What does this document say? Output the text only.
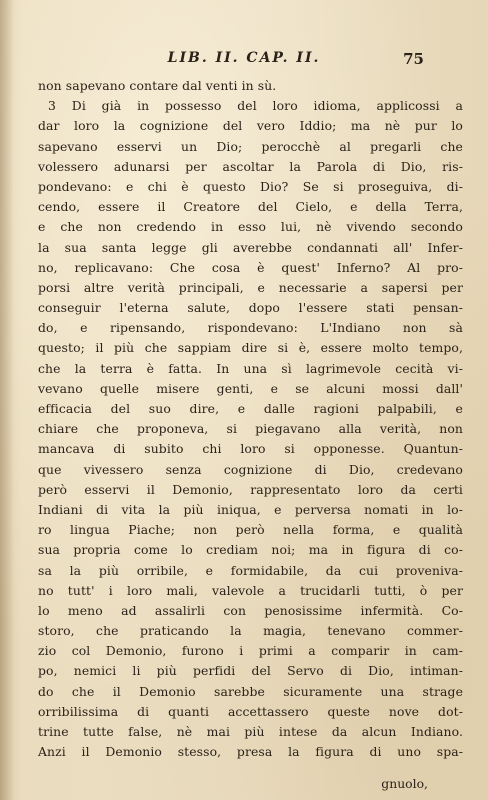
LIB. II. CAP. II.	75
non sapevano contare dal venti in sù.
3 Di già in possesso del loro idioma, applicossi a
dar loro la cognizione del vero Iddio; ma nè pur lo
sapevano esservi un Dio; perocchè al pregarli che
volessero adunarsi per ascoltar la Parola di Dio, ris-
pondevano: e chi è questo Dio? Se si proseguiva, di-
cendo, essere il Creatore del Cielo, e della Terra,
e che non credendo in esso lui, nè vivendo secondo
la sua santa legge gli averebbe condannati all' Infer-
no, replicavano: Che cosa è quest' Inferno? Al pro-
porsi altre verità principali, e necessarie a sapersi per
conseguir l'eterna salute, dopo l'essere stati pensan-
do, e ripensando, rispondevano: L'Indiano non sà
questo; il più che sappiam dire si è, essere molto tempo,
che la terra è fatta. In una sì lagrimevole cecità vi-
vevano quelle misere genti, e se alcuni mossi dall'
efficacia del suo dire, e dalle ragioni palpabili, e
chiare che proponeva, si piegavano alla verità, non
mancava di subito chi loro si opponesse. Quantun-
que vivessero senza cognizione di Dio, credevano
però esservi il Demonio, rappresentato loro da certi
Indiani di vita la più iniqua, e perversa nomati in lo-
ro lingua Piache; non però nella forma, e qualità
sua propria come lo crediam noi; ma in figura di co-
sa la più orribile, e formidabile, da cui proveniva-
no tutt' i loro mali, valevole a trucidarli tutti, ò per
lo meno ad assalirli con penosissime infermità. Co-
storo, che praticando la magia, tenevano commer-
zio col Demonio, furono i primi a comparir in cam-
po, nemici li più perfidi del Servo di Dio, intiman-
do che il Demonio sarebbe sicuramente una strage
orribilissima di quanti accettassero queste nove dot-
trine tutte false, nè mai più intese da alcun Indiano.
Anzi il Demonio stesso, presa la figura di uno spa-
gnuolo,
